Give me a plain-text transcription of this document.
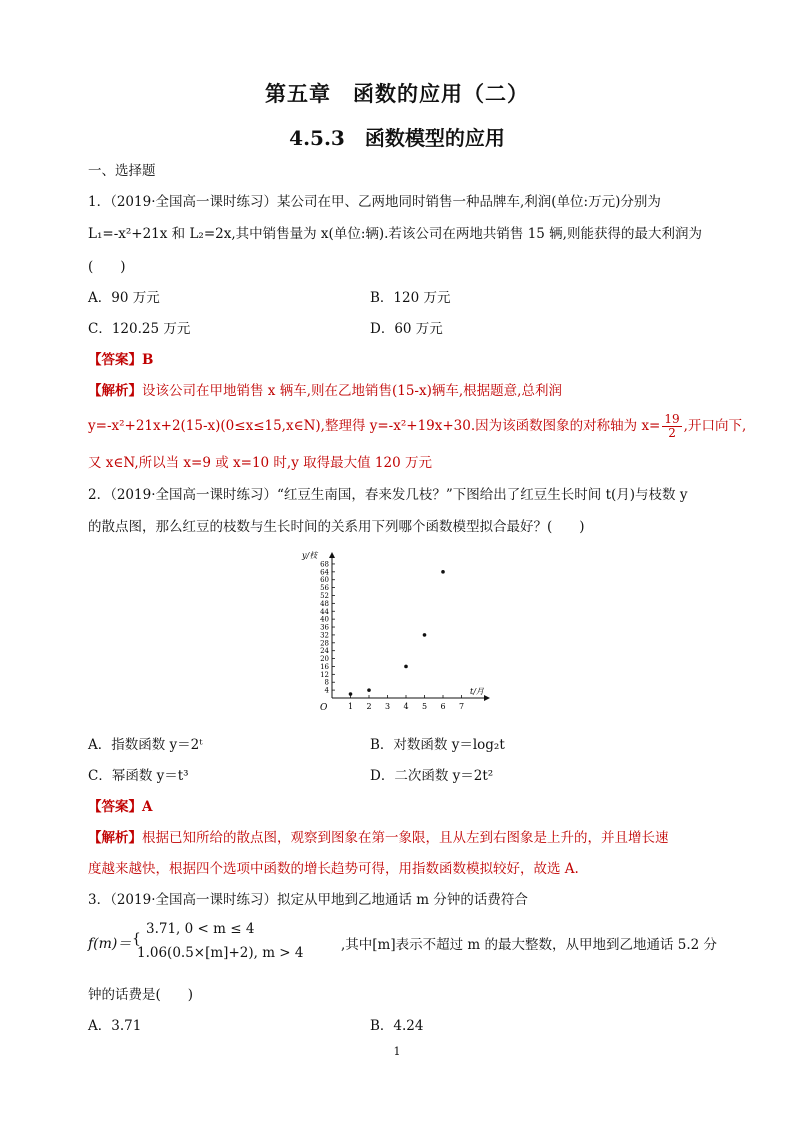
第五章　函数的应用（二）
4.5.3　函数模型的应用
一、选择题
1．（2019·全国高一课时练习）某公司在甲、乙两地同时销售一种品牌车,利润(单位:万元)分别为
L₁=-x²+21x 和 L₂=2x,其中销售量为 x(单位:辆).若该公司在两地共销售 15 辆,则能获得的最大利润为
(　　)
A．90 万元	B．120 万元
C．120.25 万元	D．60 万元
【答案】B
【解析】设该公司在甲地销售 x 辆车,则在乙地销售(15-x)辆车,根据题意,总利润
y=-x²+21x+2(15-x)(0≤x≤15,x∈N),整理得 y=-x²+19x+30.因为该函数图象的对称轴为 $x= \frac{19}{2}$ ,开口向下,
又 x∈N,所以当 x=9 或 x=10 时,y 取得最大值 120 万元
2．（2019·全国高一课时练习）“红豆生南国，春来发几枝？”下图给出了红豆生长时间 t(月)与枝数 y
的散点图，那么红豆的枝数与生长时间的关系用下列哪个函数模型拟合最好？(　　)
4
8
12
16
20
24
28
32
36
40
44
48
52
56
60
64
68
1 2 3 4 5 6 7
y/枝
t/月
O
A．指数函数 y＝2ᵗ	B．对数函数 y＝log₂t
C．幂函数 y＝t³	D．二次函数 y＝2t²
【答案】A
【解析】根据已知所给的散点图，观察到图象在第一象限，且从左到右图象是上升的，并且增长速
度越来越快，根据四个选项中函数的增长趋势可得，用指数函数模拟较好，故选 A.
3．（2019·全国高一课时练习）拟定从甲地到乙地通话 m 分钟的话费符合
f(m)＝ {
3.71, 0 < m ≤ 4
1.06(0.5×[m]+2), m > 4	,其中[m]表示不超过 m 的最大整数，从甲地到乙地通话 5.2 分
钟的话费是(　　)
A．3.71	B．4.24
1
